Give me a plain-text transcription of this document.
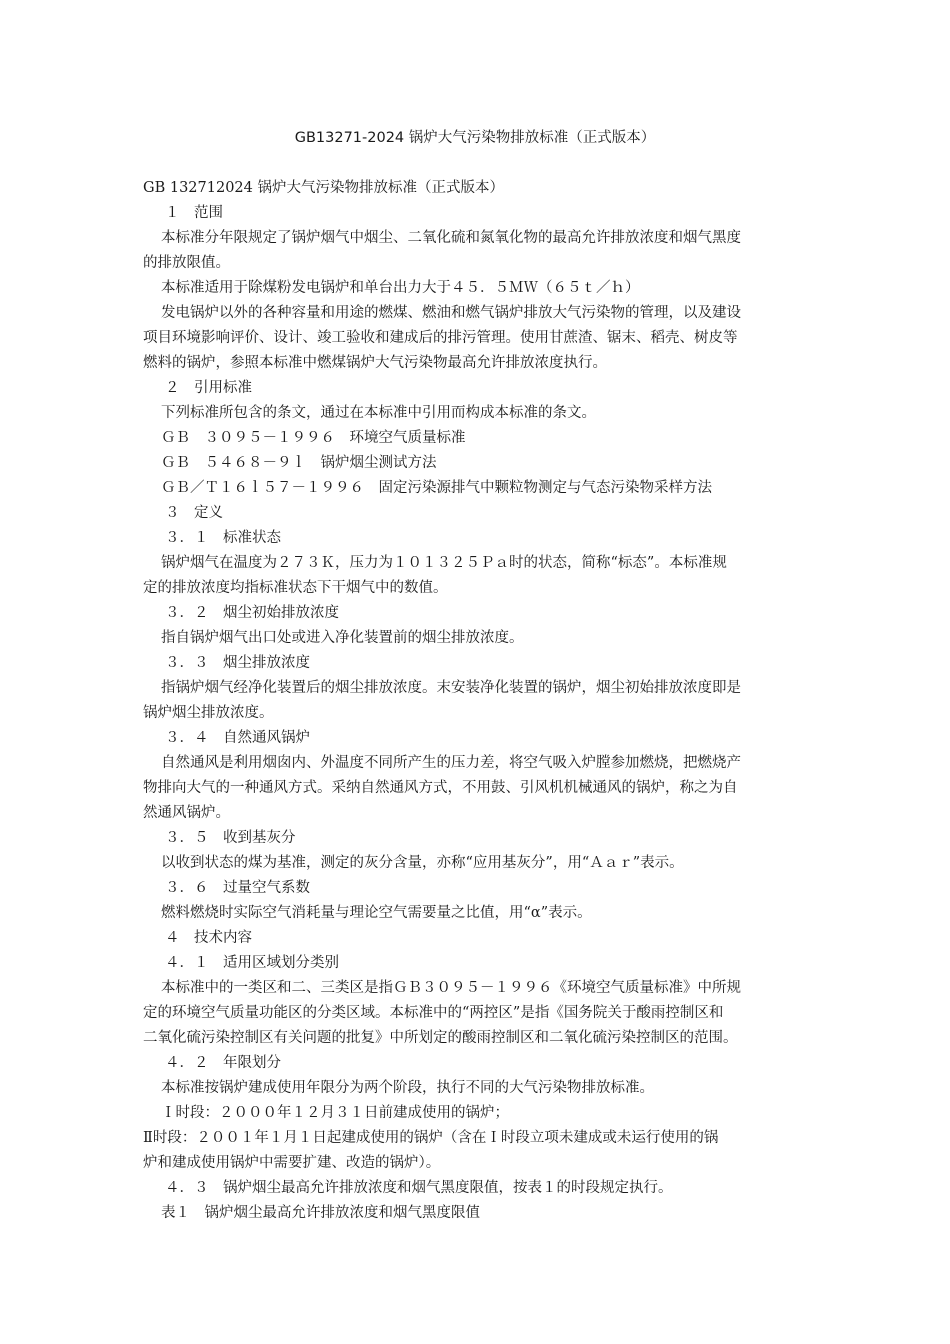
GB13271-2024 锅炉大气污染物排放标准（正式版本）
GB 132712024 锅炉大气污染物排放标准（正式版本）
１　范围
本标准分年限规定了锅炉烟气中烟尘、二氧化硫和氮氧化物的最高允许排放浓度和烟气黑度
的排放限值。
本标准适用于除煤粉发电锅炉和单台出力大于４５．５ＭＷ（６５ｔ／ｈ）
发电锅炉以外的各种容量和用途的燃煤、燃油和燃气锅炉排放大气污染物的管理，以及建设
项目环境影响评价、设计、竣工验收和建成后的排污管理。使用甘蔗渣、锯末、稻壳、树皮等
燃料的锅炉，参照本标准中燃煤锅炉大气污染物最高允许排放浓度执行。
２　引用标准
下列标准所包含的条文，通过在本标准中引用而构成本标准的条文。
ＧＢ　３０９５－１９９６　环境空气质量标准
ＧＢ　５４６８－９ｌ　锅炉烟尘测试方法
ＧＢ／Ｔ１６ｌ５７－１９９６　固定污染源排气中颗粒物测定与气态污染物采样方法
３　定义
３．１　标准状态
锅炉烟气在温度为２７３Ｋ，压力为１０１３２５Ｐａ时的状态，简称“标态”。本标准规
定的排放浓度均指标准状态下干烟气中的数值。
３．２　烟尘初始排放浓度
指自锅炉烟气出口处或进入净化装置前的烟尘排放浓度。
３．３　烟尘排放浓度
指锅炉烟气经净化装置后的烟尘排放浓度。末安装净化装置的锅炉，烟尘初始排放浓度即是
锅炉烟尘排放浓度。
３．４　自然通风锅炉
自然通风是利用烟囱内、外温度不同所产生的压力差，将空气吸入炉膛参加燃烧，把燃烧产
物排向大气的一种通风方式。采纳自然通风方式，不用鼓、引风机机械通风的锅炉，称之为自
然通风锅炉。
３．５　收到基灰分
以收到状态的煤为基准，测定的灰分含量，亦称“应用基灰分”，用“Ａａｒ”表示。
３．６　过量空气系数
燃料燃烧时实际空气消耗量与理论空气需要量之比值，用“α”表示。
４　技术内容
４．１　适用区域划分类别
本标准中的一类区和二、三类区是指ＧＢ３０９５－１９９６《环境空气质量标准》中所规
定的环境空气质量功能区的分类区域。本标准中的“两控区”是指《国务院关于酸雨控制区和
二氧化硫污染控制区有关问题的批复》中所划定的酸雨控制区和二氧化硫污染控制区的范围。
４．２　年限划分
本标准按锅炉建成使用年限分为两个阶段，执行不同的大气污染物排放标准。
Ｉ时段：２０００年１２月３１日前建成使用的锅炉；
Ⅱ时段：２００１年１月１日起建成使用的锅炉（含在Ｉ时段立项未建成或未运行使用的锅
炉和建成使用锅炉中需要扩建、改造的锅炉）。
４．３　锅炉烟尘最高允许排放浓度和烟气黑度限值，按表１的时段规定执行。
表１　锅炉烟尘最高允许排放浓度和烟气黑度限值
